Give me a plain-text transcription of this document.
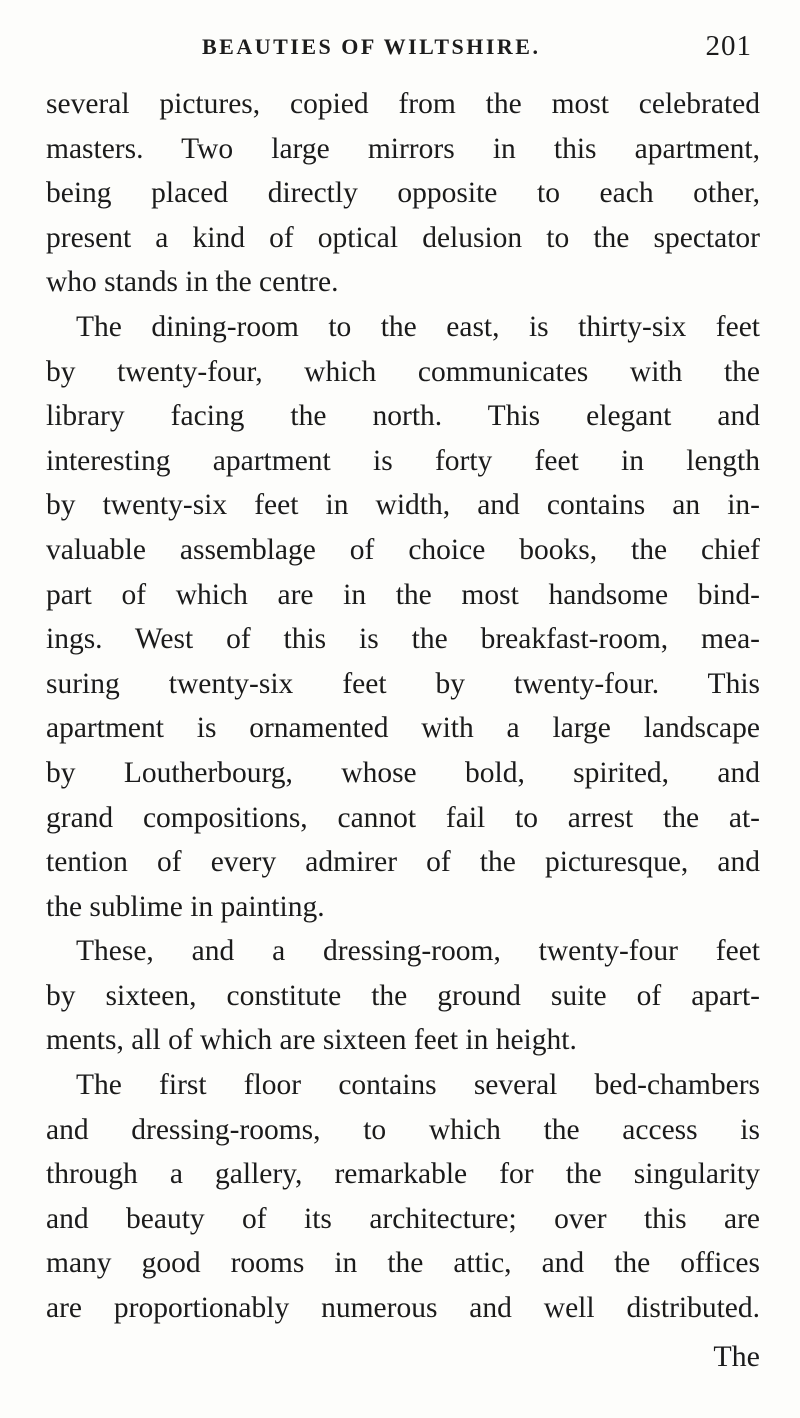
BEAUTIES OF WILTSHIRE.	201
several pictures, copied from the most celebrated
masters. Two large mirrors in this apartment,
being placed directly opposite to each other,
present a kind of optical delusion to the spectator
who stands in the centre.
The dining-room to the east, is thirty-six feet
by twenty-four, which communicates with the
library facing the north. This elegant and
interesting apartment is forty feet in length
by twenty-six feet in width, and contains an in-
valuable assemblage of choice books, the chief
part of which are in the most handsome bind-
ings. West of this is the breakfast-room, mea-
suring twenty-six feet by twenty-four. This
apartment is ornamented with a large landscape
by Loutherbourg, whose bold, spirited, and
grand compositions, cannot fail to arrest the at-
tention of every admirer of the picturesque, and
the sublime in painting.
These, and a dressing-room, twenty-four feet
by sixteen, constitute the ground suite of apart-
ments, all of which are sixteen feet in height.
The first floor contains several bed-chambers
and dressing-rooms, to which the access is
through a gallery, remarkable for the singularity
and beauty of its architecture; over this are
many good rooms in the attic, and the offices
are proportionably numerous and well distributed.
The
